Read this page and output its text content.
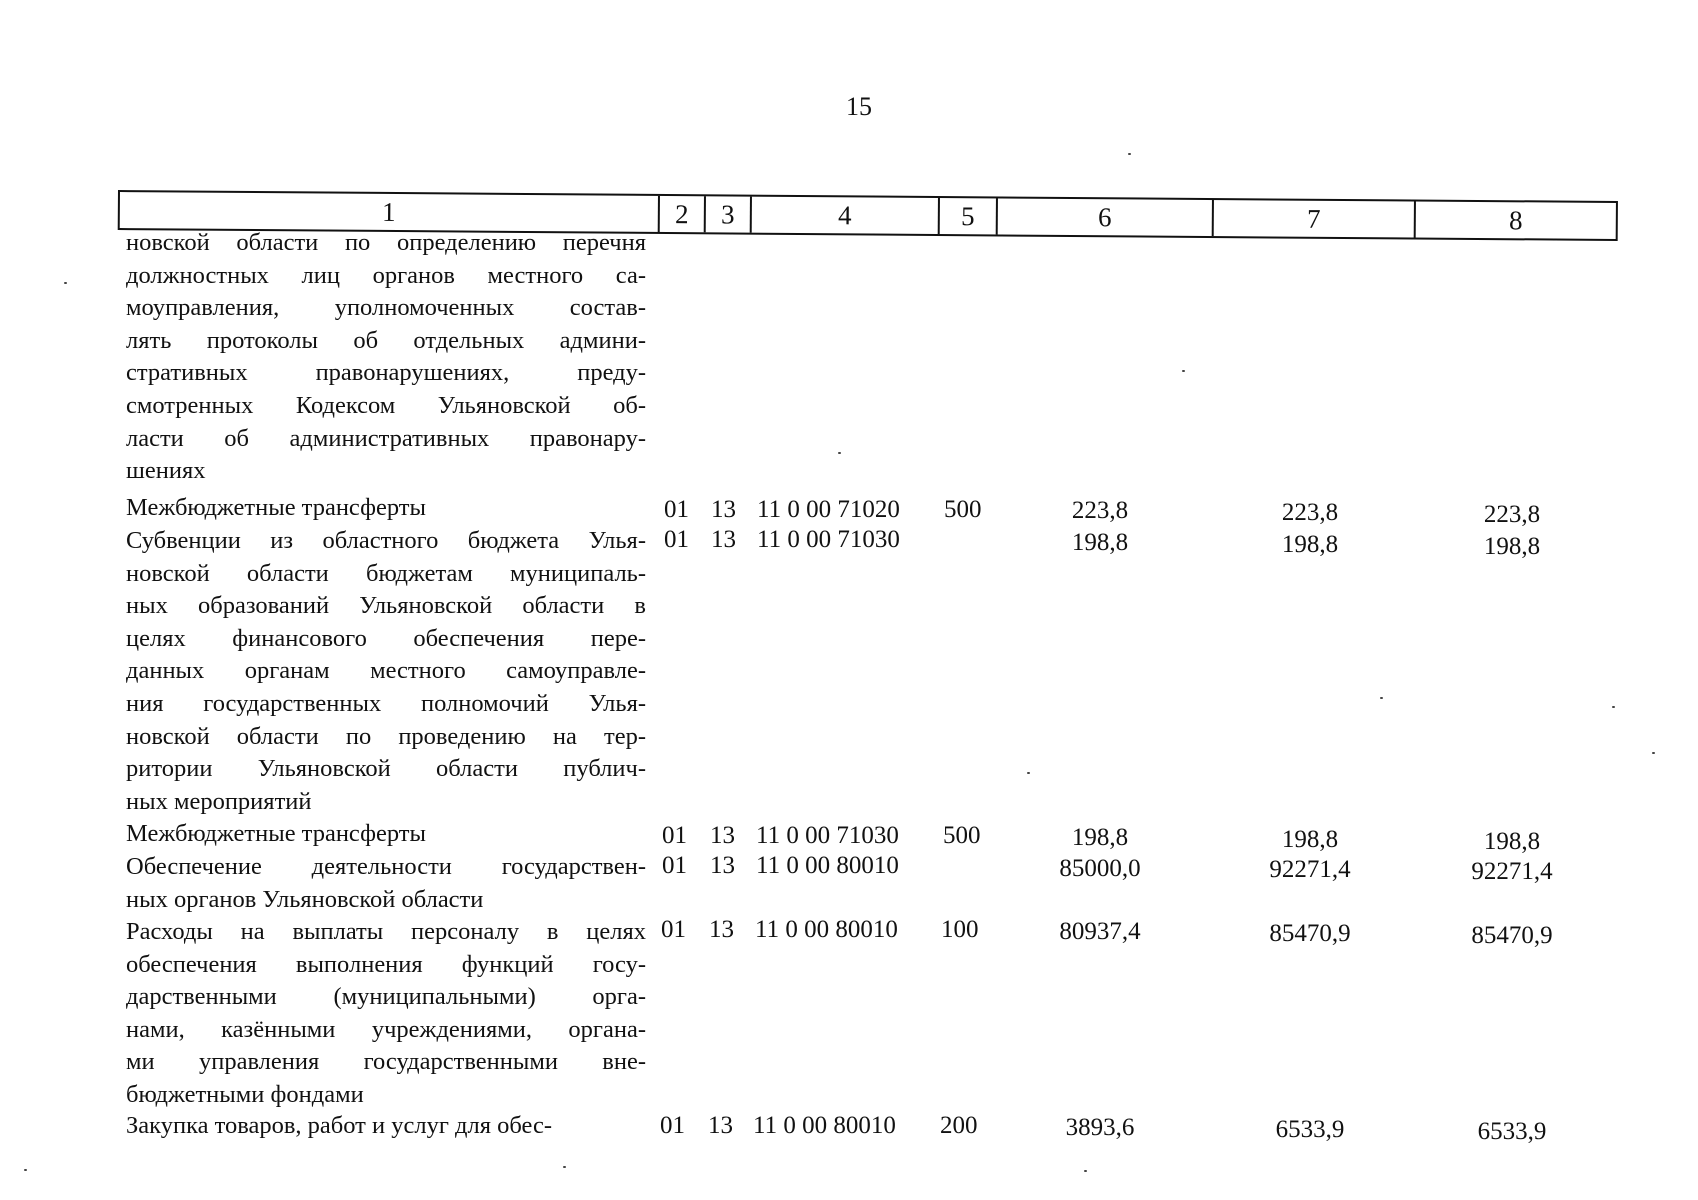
15
1	2	3	4	5	6	7	8
новской области по определению перечня
должностных лиц органов местного са-
моуправления, уполномоченных состав-
лять протоколы об отдельных админи-
стративных правонарушениях, преду-
смотренных Кодексом Ульяновской об-
ласти об административных правонару-
шениях
Межбюджетные трансферты	01 13 11 0 00 71020 500	223,8	223,8	223,8
Субвенции из областного бюджета Улья-
новской области бюджетам муниципаль-
ных образований Ульяновской области в
целях финансового обеспечения пере-
данных органам местного самоуправле-
ния государственных полномочий Улья-
новской области по проведению на тер-
ритории Ульяновской области публич-
ных мероприятий
01 13 11 0 00 71030	198,8	198,8	198,8
Межбюджетные трансферты	01 13 11 0 00 71030 500	198,8	198,8	198,8
Обеспечение деятельности государствен-
ных органов Ульяновской области
01 13 11 0 00 80010	85000,0	92271,4	92271,4
Расходы на выплаты персоналу в целях
обеспечения выполнения функций госу-
дарственными (муниципальными) орга-
нами, казёнными учреждениями, органа-
ми управления государственными вне-
бюджетными фондами
01 13 11 0 00 80010 100	80937,4	85470,9	85470,9
Закупка товаров, работ и услуг для обес-	01 13 11 0 00 80010 200	3893,6	6533,9	6533,9
